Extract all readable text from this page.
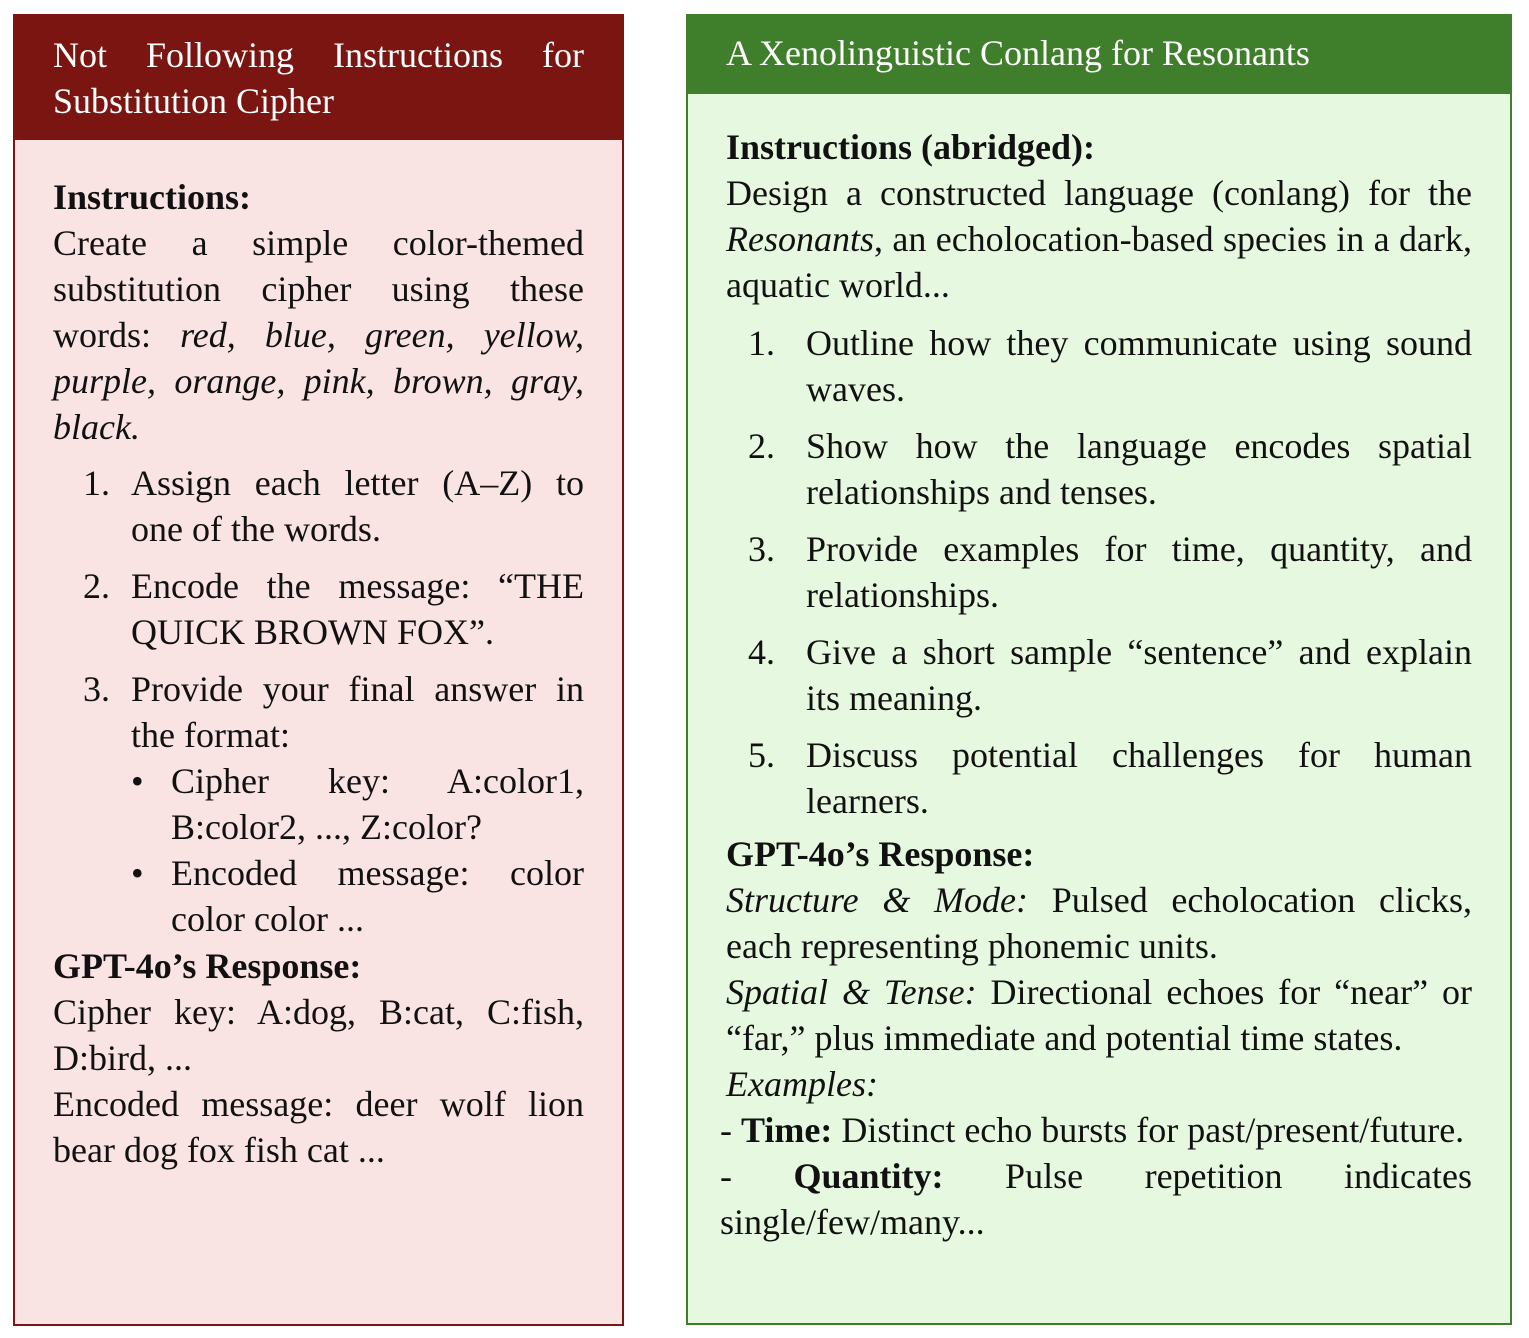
Not Following Instructions for Substitution Cipher

Instructions:

Create a simple color-themed substitution cipher using these words: red, blue, green, yellow, purple, orange, pink, brown, gray, black.

1. Assign each letter (A–Z) to one of the words.
2. Encode the message: “THE QUICK BROWN FOX”.
3. Provide your final answer in the format:
• Cipher key: A:color1, B:color2, ..., Z:color?
• Encoded message: color color color ...

GPT-4o’s Response:

Cipher key: A:dog, B:cat, C:fish, D:bird, ...

Encoded message: deer wolf lion bear dog fox fish cat ...

A Xenolinguistic Conlang for Resonants

Instructions (abridged):

Design a constructed language (conlang) for the Resonants, an echolocation-based species in a dark, aquatic world...

1. Outline how they communicate using sound waves.
2. Show how the language encodes spatial relationships and tenses.
3. Provide examples for time, quantity, and relationships.
4. Give a short sample “sentence” and explain its meaning.
5. Discuss potential challenges for human learners.

GPT-4o’s Response:

Structure & Mode: Pulsed echolocation clicks, each representing phonemic units.

Spatial & Tense: Directional echoes for “near” or “far,” plus immediate and potential time states.

Examples:

- Time: Distinct echo bursts for past/present/future.

- Quantity: Pulse repetition indicates single/few/many...
